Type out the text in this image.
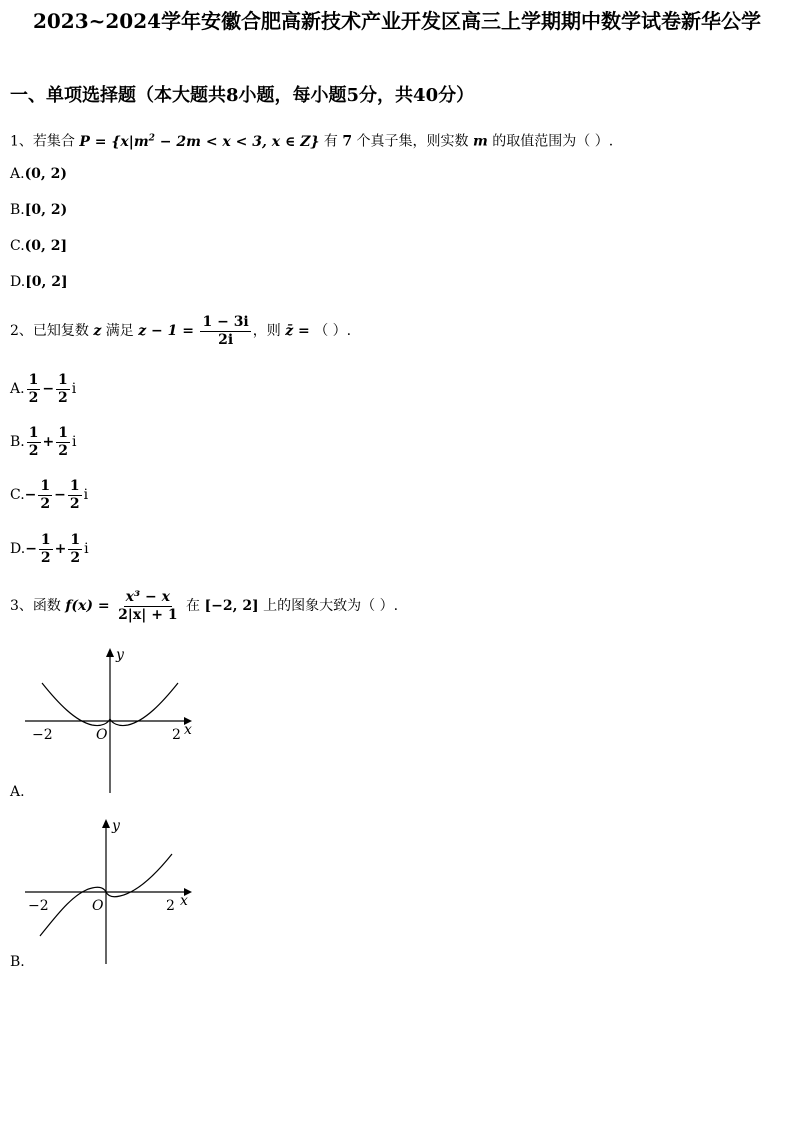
2023~2024学年安徽合肥高新技术产业开发区高三上学期期中数学试卷新华公学
一、单项选择题（本大题共8小题，每小题5分，共40分）
1、若集合 $P = \{x|m^2 - 2m < x < 3$, x ∈ Z} 有 7 个真子集，则实数 m 的取值范围为（ ）.
A.(0, 2)
B.[0, 2)
C.(0, 2]
D.[0, 2]
2、已知复数 z 满足 $z - 1 = \frac{1 - 3i}{2i}$ ，则 z̄ = （ ）.
A. $\frac{1}{2} - \frac{1}{2}$ i
B. $\frac{1}{2} + \frac{1}{2}$ i
$C.- \frac{1}{2} - \frac{1}{2}$ i
$D.- \frac{1}{2} + \frac{1}{2}$ i
3、函数 $f(x) = \frac{\text{x³ − x}}{2|x| + 1}$ 在 [−2, 2] 上的图象大致为（ ）.
y
x
−2	2
O
A.
y
x
−2	2
O
B.
